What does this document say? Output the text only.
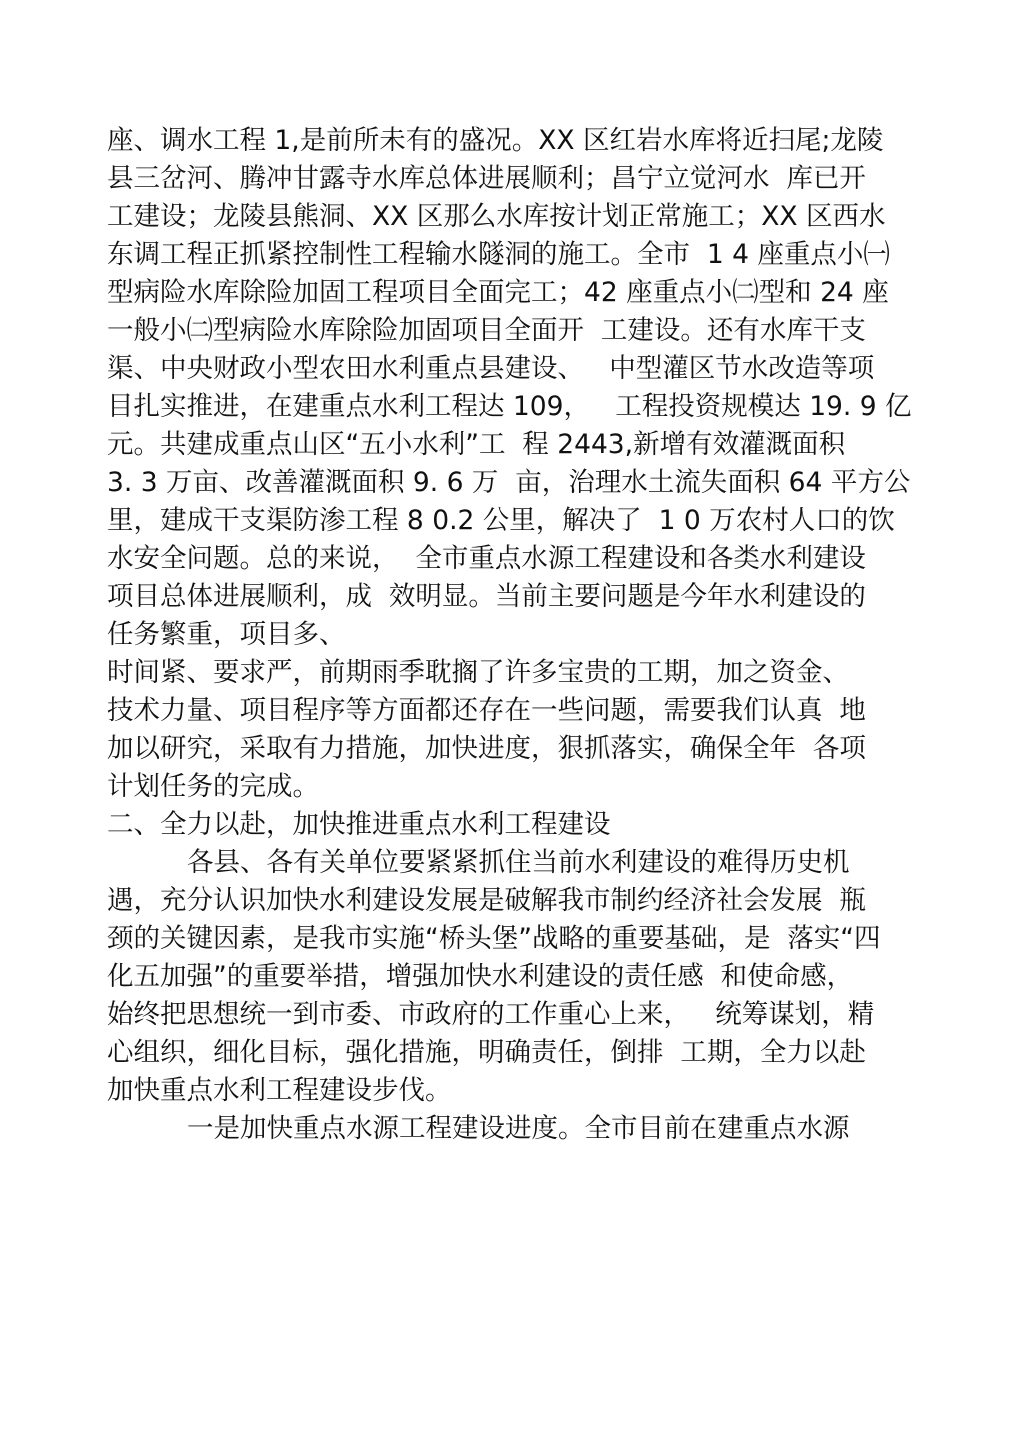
座、调水工程 1,是前所未有的盛况。XX 区红岩水库将近扫尾;龙陵
县三岔河、腾冲甘露寺水库总体进展顺利；昌宁立觉河水  库已开
工建设；龙陵县熊洞、XX 区那么水库按计划正常施工；XX 区西水
东调工程正抓紧控制性工程输水隧洞的施工。全市  1 4 座重点小㈠
型病险水库除险加固工程项目全面完工；42 座重点小㈡型和 24 座
一般小㈡型病险水库除险加固项目全面开  工建设。还有水库干支
渠、中央财政小型农田水利重点县建设、   中型灌区节水改造等项
目扎实推进，在建重点水利工程达 109，   工程投资规模达 19. 9 亿
元。共建成重点山区“五小水利”工  程 2443,新增有效灌溉面积
3. 3 万亩、改善灌溉面积 9. 6 万  亩，治理水土流失面积 64 平方公
里，建成干支渠防渗工程 8 0.2 公里，解决了  1 0 万农村人口的饮
水安全问题。总的来说，  全市重点水源工程建设和各类水利建设
项目总体进展顺利，成  效明显。当前主要问题是今年水利建设的
任务繁重，项目多、
时间紧、要求严，前期雨季耽搁了许多宝贵的工期，加之资金、
技术力量、项目程序等方面都还存在一些问题，需要我们认真  地
加以研究，采取有力措施，加快进度，狠抓落实，确保全年  各项
计划任务的完成。
二、全力以赴，加快推进重点水利工程建设
各县、各有关单位要紧紧抓住当前水利建设的难得历史机
遇，充分认识加快水利建设发展是破解我市制约经济社会发展  瓶
颈的关键因素，是我市实施“桥头堡”战略的重要基础，是  落实“四
化五加强”的重要举措，增强加快水利建设的责任感  和使命感，
始终把思想统一到市委、市政府的工作重心上来，   统筹谋划，精
心组织，细化目标，强化措施，明确责任，倒排  工期，全力以赴
加快重点水利工程建设步伐。
一是加快重点水源工程建设进度。全市目前在建重点水源
